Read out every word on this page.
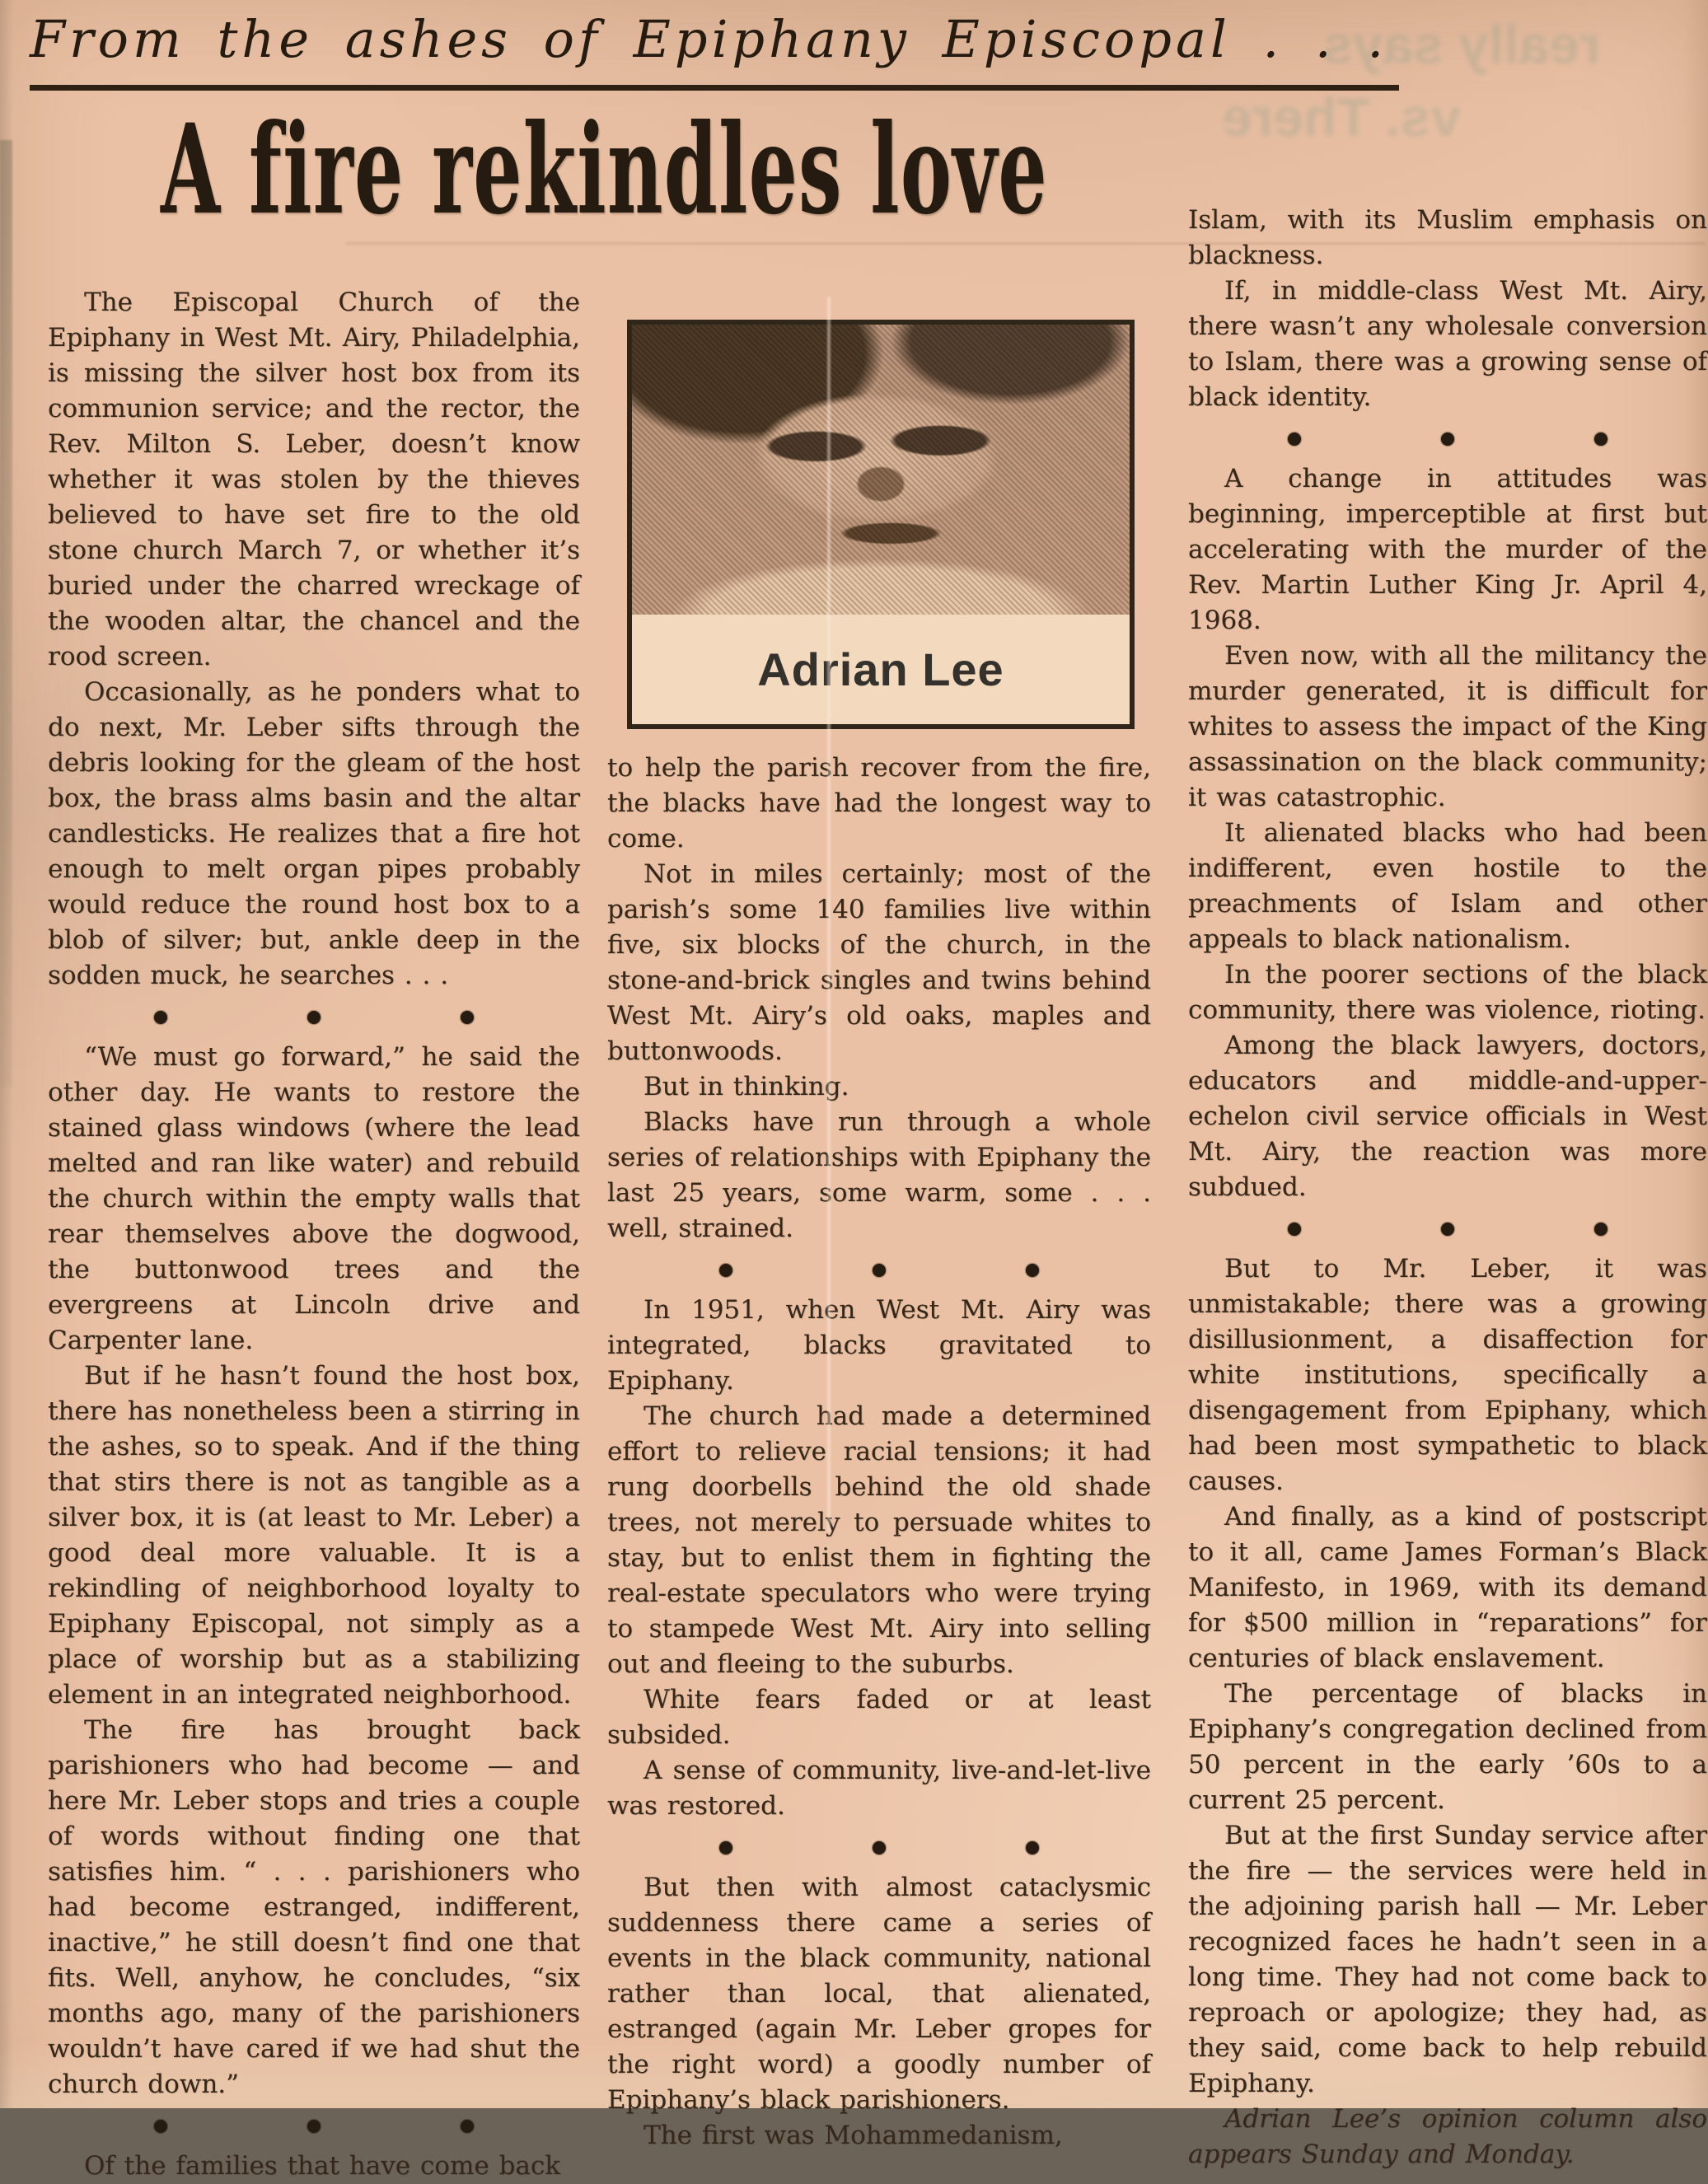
really says
vs. There
From the ashes of Epiphany Episcopal . . .
A fire rekindles love

The Episcopal Church of the Epiphany in West Mt. Airy, Philadelphia, is missing the silver host box from its communion service; and the rector, the Rev. Milton S. Leber, doesn’t know whether it was stolen by the thieves believed to have set fire to the old stone church March 7, or whether it’s buried under the charred wreckage of the wooden altar, the chancel and the rood screen.

Occasionally, as he ponders what to do next, Mr. Leber sifts through the debris looking for the gleam of the host box, the brass alms basin and the altar candlesticks. He realizes that a fire hot enough to melt organ pipes probably would reduce the round host box to a blob of silver; but, ankle deep in the sodden muck, he searches . . .

“We must go forward,” he said the other day. He wants to restore the stained glass windows (where the lead melted and ran like water) and rebuild the church within the empty walls that rear themselves above the dogwood, the buttonwood trees and the evergreens at Lincoln drive and Carpenter lane.

But if he hasn’t found the host box, there has nonetheless been a stirring in the ashes, so to speak. And if the thing that stirs there is not as tangible as a silver box, it is (at least to Mr. Leber) a good deal more valuable. It is a rekindling of neighborhood loyalty to Epiphany Episcopal, not simply as a place of worship but as a stabilizing element in an integrated neighborhood.

The fire has brought back parishioners who had become — and here Mr. Leber stops and tries a couple of words without finding one that satisfies him. “ . . . parishioners who had become estranged, indifferent, inactive,” he still doesn’t find one that fits. Well, anyhow, he concludes, “six months ago, many of the parishioners wouldn’t have cared if we had shut the church down.”

Of the families that have come back

Adrian Lee

to help the parish recover from the fire, the blacks have had the longest way to come.

Not in miles certainly; most of the parish’s some 140 families live within five, six blocks of the church, in the stone-and-brick singles and twins behind West Mt. Airy’s old oaks, maples and buttonwoods.

But in thinking.

Blacks have run through a whole series of relationships with Epiphany the last 25 years, some warm, some . . . well, strained.

In 1951, when West Mt. Airy was integrated, blacks gravitated to Epiphany.

The church had made a determined effort to relieve racial tensions; it had rung doorbells behind the old shade trees, not merely to persuade whites to stay, but to enlist them in fighting the real-estate speculators who were trying to stampede West Mt. Airy into selling out and fleeing to the suburbs.

White fears faded or at least subsided.

A sense of community, live-and-let-live was restored.

But then with almost cataclysmic suddenness there came a series of events in the black community, national rather than local, that alienated, estranged (again Mr. Leber gropes for the right word) a goodly number of Epiphany’s black parishioners.

The first was Mohammedanism,

Islam, with its Muslim emphasis on blackness.

If, in middle-class West Mt. Airy, there wasn’t any wholesale conversion to Islam, there was a growing sense of black identity.

A change in attitudes was beginning, imperceptible at first but accelerating with the murder of the Rev. Martin Luther King Jr. April 4, 1968.

Even now, with all the militancy the murder generated, it is difficult for whites to assess the impact of the King assassination on the black community; it was catastrophic.

It alienated blacks who had been indifferent, even hostile to the preachments of Islam and other appeals to black nationalism.

In the poorer sections of the black community, there was violence, rioting.

Among the black lawyers, doctors, educators and middle-and-upper-echelon civil service officials in West Mt. Airy, the reaction was more subdued.

But to Mr. Leber, it was unmistakable; there was a growing disillusionment, a disaffection for white institutions, specifically a disengagement from Epiphany, which had been most sympathetic to black causes.

And finally, as a kind of postscript to it all, came James Forman’s Black Manifesto, in 1969, with its demand for $500 million in “reparations” for centuries of black enslavement.

The percentage of blacks in Epiphany’s congregation declined from 50 percent in the early ’60s to a current 25 percent.

But at the first Sunday service after the fire — the services were held in the adjoining parish hall — Mr. Leber recognized faces he hadn’t seen in a long time. They had not come back to reproach or apologize; they had, as they said, come back to help rebuild Epiphany.

Adrian Lee’s opinion column also appears Sunday and Monday.
